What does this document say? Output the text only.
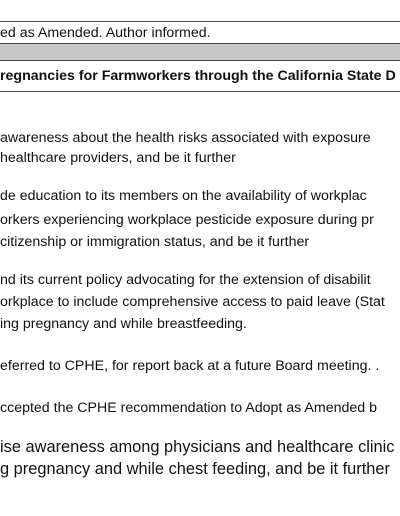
ed as Amended. Author informed.
regnancies for Farmworkers through the California State D
awareness about the health risks associated with exposure
healthcare providers, and be it further
de education to its members on the availability of workplac
orkers experiencing workplace pesticide exposure during pr
citizenship or immigration status, and be it further
nd its current policy advocating for the extension of disabilit
orkplace to include comprehensive access to paid leave (Stat
ing pregnancy and while breastfeeding.
eferred to CPHE, for report back at a future Board meeting. .
ccepted the CPHE recommendation to Adopt as Amended b
ise awareness among physicians and healthcare clinic
g pregnancy and while chest feeding, and be it further
